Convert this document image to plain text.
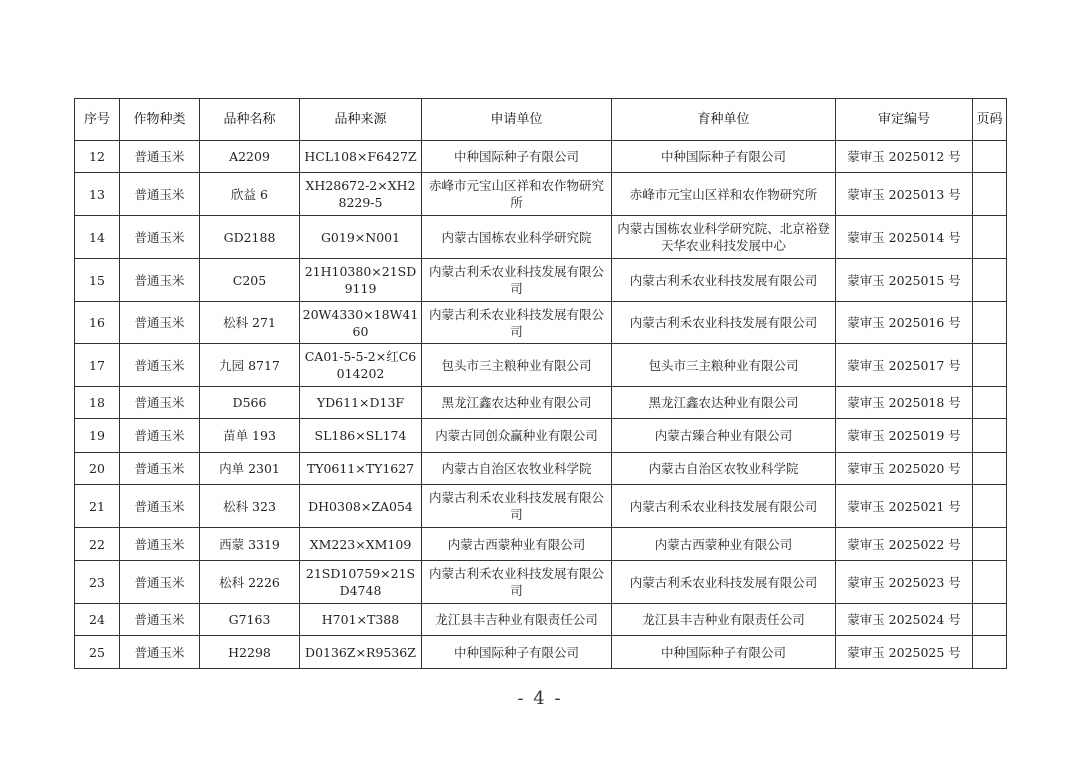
序号	作物种类	品种名称	品种来源	申请单位	育种单位	审定编号	页码
12	普通玉米	A2209	HCL108×F6427Z	中种国际种子有限公司	中种国际种子有限公司	蒙审玉 2025012 号	
13	普通玉米	欣益 6	XH28672-2×XH28229-5	赤峰市元宝山区祥和农作物研究所	赤峰市元宝山区祥和农作物研究所	蒙审玉 2025013 号	
14	普通玉米	GD2188	G019×N001	内蒙古国栋农业科学研究院	内蒙古国栋农业科学研究院、北京裕登天华农业科技发展中心	蒙审玉 2025014 号	
15	普通玉米	C205	21H10380×21SD9119	内蒙古利禾农业科技发展有限公司	内蒙古利禾农业科技发展有限公司	蒙审玉 2025015 号	
16	普通玉米	松科 271	20W4330×18W4160	内蒙古利禾农业科技发展有限公司	内蒙古利禾农业科技发展有限公司	蒙审玉 2025016 号	
17	普通玉米	九园 8717	CA01-5-5-2×红C6014202	包头市三主粮种业有限公司	包头市三主粮种业有限公司	蒙审玉 2025017 号	
18	普通玉米	D566	YD611×D13F	黑龙江鑫农达种业有限公司	黑龙江鑫农达种业有限公司	蒙审玉 2025018 号	
19	普通玉米	苗单 193	SL186×SL174	内蒙古同创众赢种业有限公司	内蒙古臻合种业有限公司	蒙审玉 2025019 号	
20	普通玉米	内单 2301	TY0611×TY1627	内蒙古自治区农牧业科学院	内蒙古自治区农牧业科学院	蒙审玉 2025020 号	
21	普通玉米	松科 323	DH0308×ZA054	内蒙古利禾农业科技发展有限公司	内蒙古利禾农业科技发展有限公司	蒙审玉 2025021 号	
22	普通玉米	西蒙 3319	XM223×XM109	内蒙古西蒙种业有限公司	内蒙古西蒙种业有限公司	蒙审玉 2025022 号	
23	普通玉米	松科 2226	21SD10759×21SD4748	内蒙古利禾农业科技发展有限公司	内蒙古利禾农业科技发展有限公司	蒙审玉 2025023 号	
24	普通玉米	G7163	H701×T388	龙江县丰吉种业有限责任公司	龙江县丰吉种业有限责任公司	蒙审玉 2025024 号	
25	普通玉米	H2298	D0136Z×R9536Z	中种国际种子有限公司	中种国际种子有限公司	蒙审玉 2025025 号	
- 4 -
